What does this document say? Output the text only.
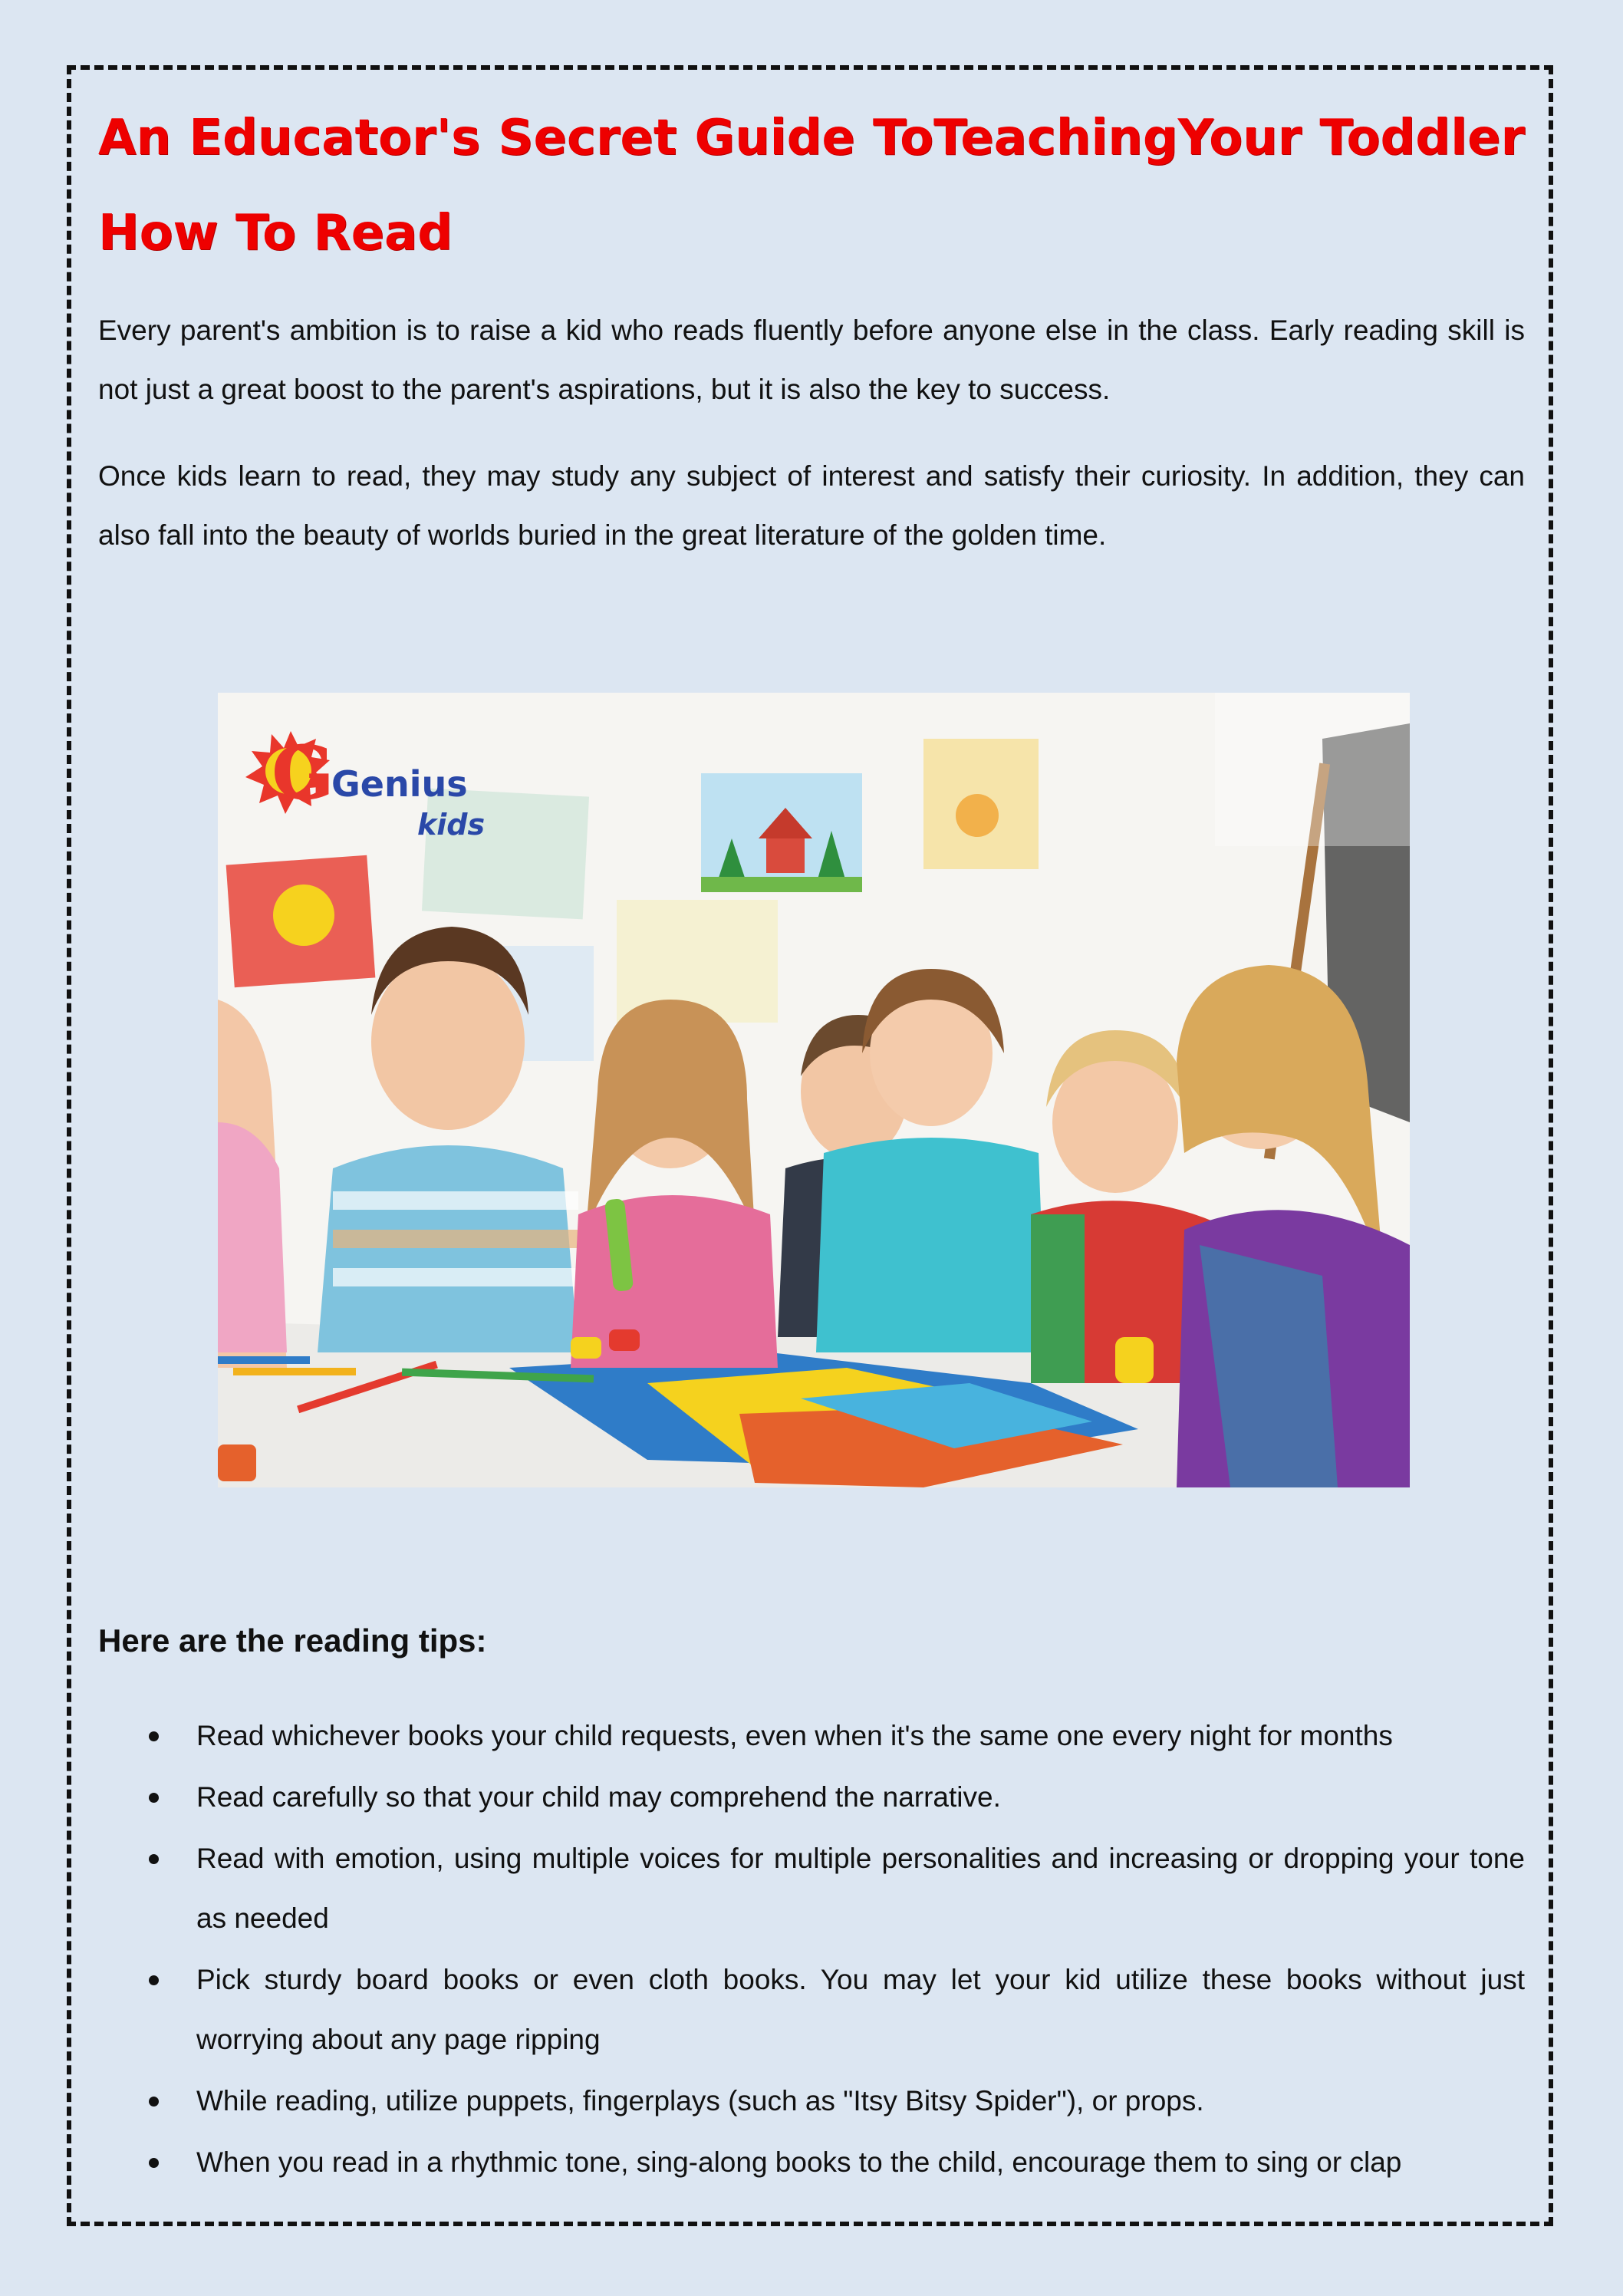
An Educator's Secret Guide ToTeachingYour Toddler How To Read

Every parent's ambition is to raise a kid who reads fluently before anyone else in the class. Early reading skill is not just a great boost to the parent's aspirations, but it is also the key to success.

Once kids learn to read, they may study any subject of interest and satisfy their curiosity. In addition, they can also fall into the beauty of worlds buried in the great literature of the golden time.

G
Genius
kids
Here are the reading tips:
Read whichever books your child requests, even when it's the same one every night for months
Read carefully so that your child may comprehend the narrative.
Read with emotion, using multiple voices for multiple personalities and increasing or dropping your tone as needed
Pick sturdy board books or even cloth books. You may let your kid utilize these books without just worrying about any page ripping
While reading, utilize puppets, fingerplays (such as "Itsy Bitsy Spider"), or props.
When you read in a rhythmic tone, sing-along books to the child, encourage them to sing or clap
